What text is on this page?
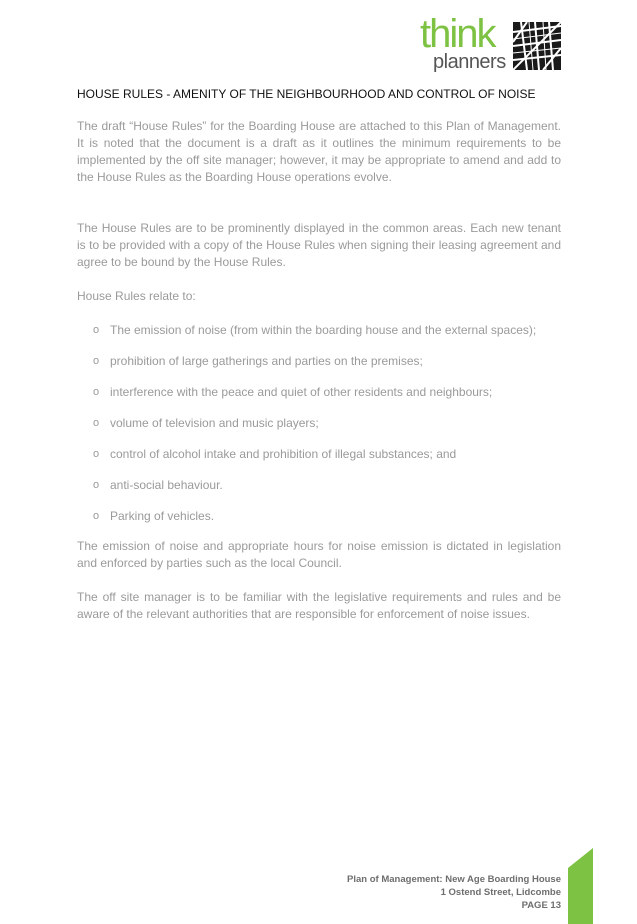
think
planners
HOUSE RULES - AMENITY OF THE NEIGHBOURHOOD AND CONTROL OF NOISE

The draft “House Rules” for the Boarding House are attached to this Plan of Management. It is noted that the document is a draft as it outlines the minimum requirements to be implemented by the off site manager; however, it may be appropriate to amend and add to the House Rules as the Boarding House operations evolve.

The House Rules are to be prominently displayed in the common areas. Each new tenant is to be provided with a copy of the House Rules when signing their leasing agreement and agree to be bound by the House Rules.

House Rules relate to:

o The emission of noise (from within the boarding house and the external spaces);
o prohibition of large gatherings and parties on the premises;
o interference with the peace and quiet of other residents and neighbours;
o volume of television and music players;
o control of alcohol intake and prohibition of illegal substances; and
o anti-social behaviour.
o Parking of vehicles.

The emission of noise and appropriate hours for noise emission is dictated in legislation and enforced by parties such as the local Council.

The off site manager is to be familiar with the legislative requirements and rules and be aware of the relevant authorities that are responsible for enforcement of noise issues.

Plan of Management: New Age Boarding House
1 Ostend Street, Lidcombe
PAGE 13
